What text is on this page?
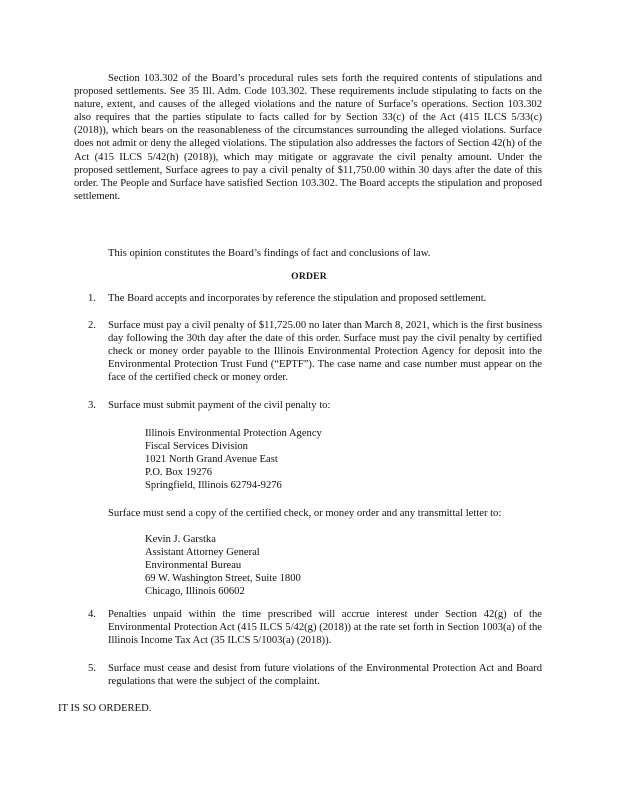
Section 103.302 of the Board’s procedural rules sets forth the required contents of stipulations and proposed settlements. See 35 Ill. Adm. Code 103.302. These requirements include stipulating to facts on the nature, extent, and causes of the alleged violations and the nature of Surface’s operations. Section 103.302 also requires that the parties stipulate to facts called for by Section 33(c) of the Act (415 ILCS 5/33(c) (2018)), which bears on the reasonableness of the circumstances surrounding the alleged violations. Surface does not admit or deny the alleged violations. The stipulation also addresses the factors of Section 42(h) of the Act (415 ILCS 5/42(h) (2018)), which may mitigate or aggravate the civil penalty amount. Under the proposed settlement, Surface agrees to pay a civil penalty of $11,750.00 within 30 days after the date of this order. The People and Surface have satisfied Section 103.302. The Board accepts the stipulation and proposed settlement.

This opinion constitutes the Board’s findings of fact and conclusions of law.

ORDER

1.	The Board accepts and incorporates by reference the stipulation and proposed settlement.
2.	Surface must pay a civil penalty of $11,725.00 no later than March 8, 2021, which is the first business day following the 30th day after the date of this order. Surface must pay the civil penalty by certified check or money order payable to the Illinois Environmental Protection Agency for deposit into the Environmental Protection Trust Fund (“EPTF”). The case name and case number must appear on the face of the certified check or money order.
3.	Surface must submit payment of the civil penalty to:
Illinois Environmental Protection Agency
Fiscal Services Division
1021 North Grand Avenue East
P.O. Box 19276
Springfield, Illinois 62794-9276
Surface must send a copy of the certified check, or money order and any transmittal letter to:
Kevin J. Garstka
Assistant Attorney General
Environmental Bureau
69 W. Washington Street, Suite 1800
Chicago, Illinois 60602
4.	Penalties unpaid within the time prescribed will accrue interest under Section 42(g) of the Environmental Protection Act (415 ILCS 5/42(g) (2018)) at the rate set forth in Section 1003(a) of the Illinois Income Tax Act (35 ILCS 5/1003(a) (2018)).
5.	Surface must cease and desist from future violations of the Environmental Protection Act and Board regulations that were the subject of the complaint.
IT IS SO ORDERED.
